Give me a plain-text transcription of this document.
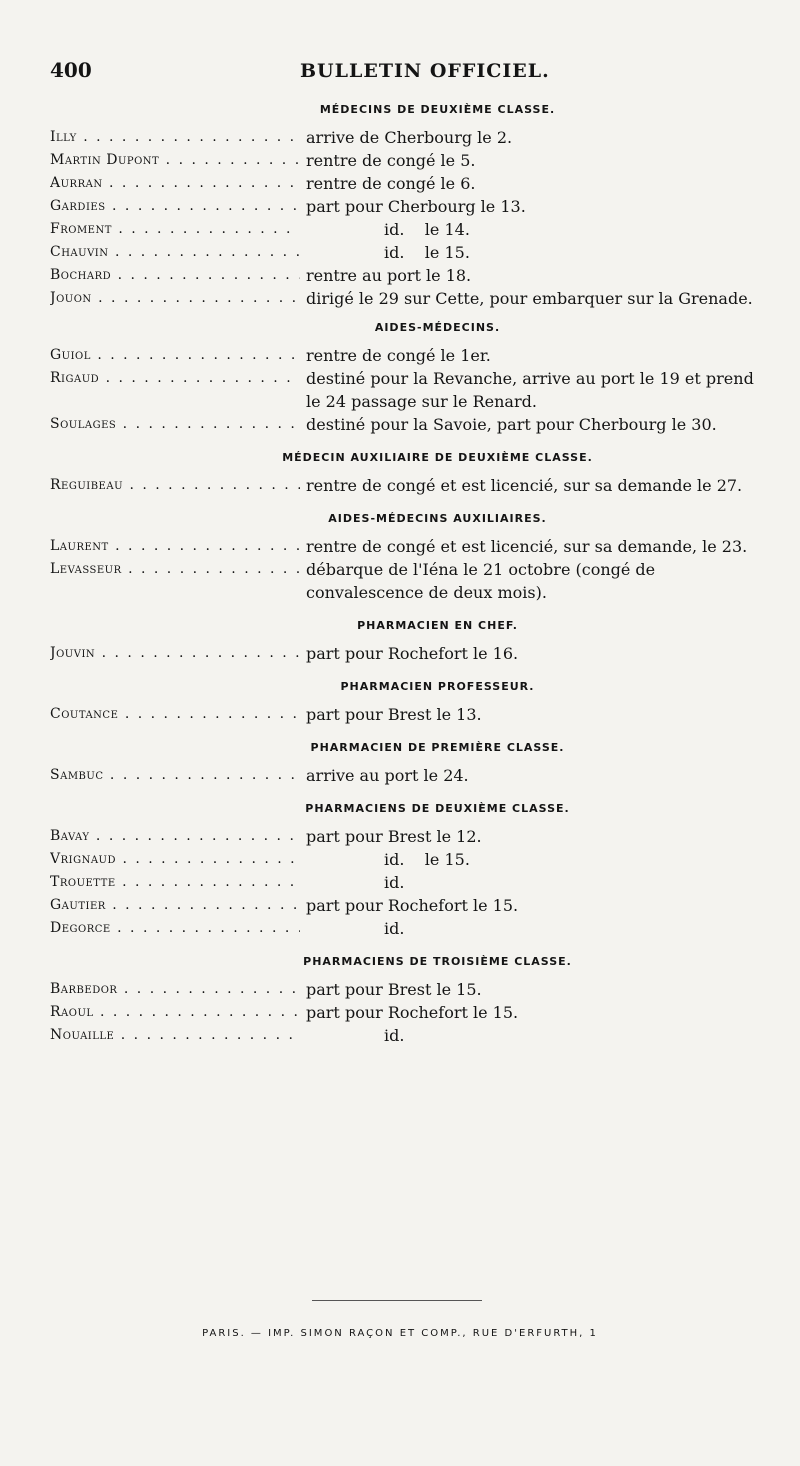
400	BULLETIN OFFICIEL.
MÉDECINS DE DEUXIÈME CLASSE.
Illy . . .	arrive de Cherbourg le 2.
Martin Dupont . . .	rentre de congé le 5.
Aurran . . .	rentre de congé le 6.
Gardies . . .	part pour Cherbourg le 13.
Froment . . .	id.    le 14.
Chauvin . . .	id.    le 15.
Bochard . . .	rentre au port le 18.
Jouon . . .	dirigé le 29 sur Cette, pour embarquer sur la Grenade.
AIDES-MÉDECINS.
Guiol . . .	rentre de congé le 1er.
Rigaud . . .	destiné pour la Revanche, arrive au port le 19 et prend le 24 passage sur le Renard.
Soulages . . .	destiné pour la Savoie, part pour Cherbourg le 30.
MÉDECIN AUXILIAIRE DE DEUXIÈME CLASSE.
Reguibeau . . .	rentre de congé et est licencié, sur sa demande le 27.
AIDES-MÉDECINS AUXILIAIRES.
Laurent . . .	rentre de congé et est licencié, sur sa demande, le 23.
Levasseur . . .	débarque de l'Iéna le 21 octobre (congé de convalescence de deux mois).
PHARMACIEN EN CHEF.
Jouvin . . .	part pour Rochefort le 16.
PHARMACIEN PROFESSEUR.
Coutance . . .	part pour Brest le 13.
PHARMACIEN DE PREMIÈRE CLASSE.
Sambuc . . .	arrive au port le 24.
PHARMACIENS DE DEUXIÈME CLASSE.
Bavay . . .	part pour Brest le 12.
Vrignaud . . .	id.    le 15.
Trouette . . .	id.
Gautier . . .	part pour Rochefort le 15.
Degorce . . .	id.
PHARMACIENS DE TROISIÈME CLASSE.
Barbedor . . .	part pour Brest le 15.
Raoul . . .	part pour Rochefort le 15.
Nouaille . . .	id.
PARIS. — IMP. SIMON RAÇON ET COMP., RUE D'ERFURTH, 1
